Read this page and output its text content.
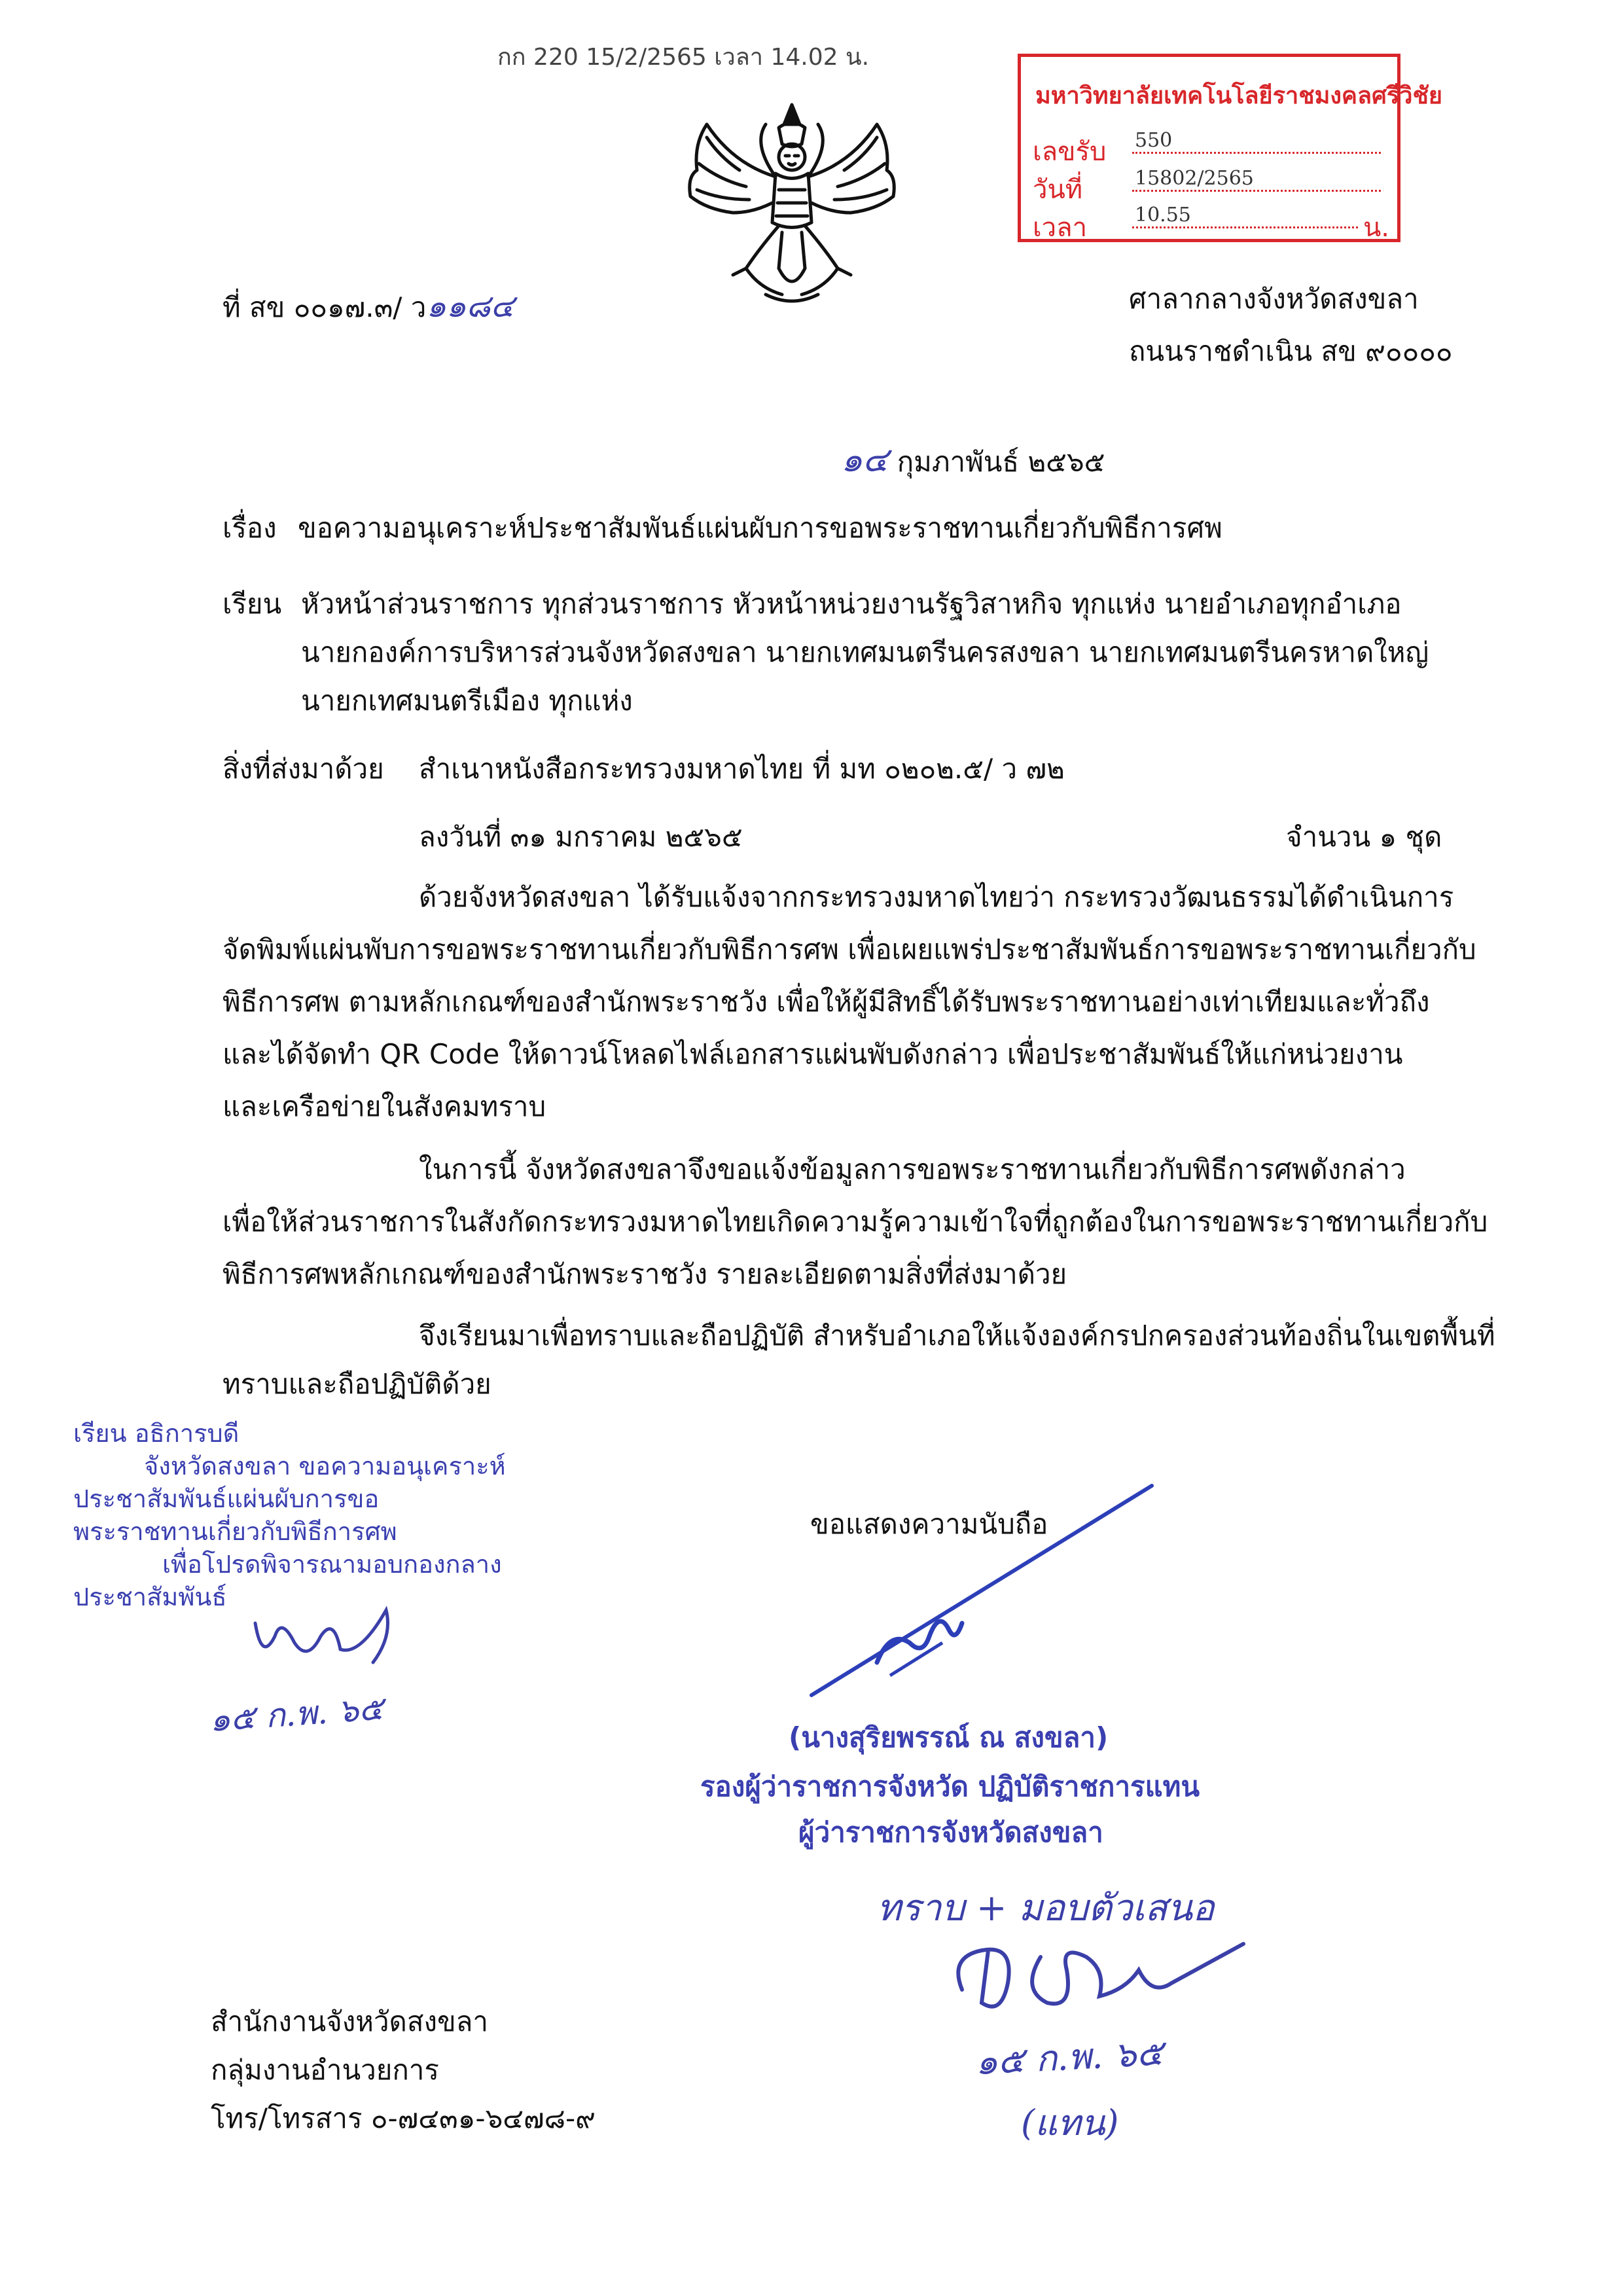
กก 220 15/2/2565 เวลา 14.02 น.
มหาวิทยาลัยเทคโนโลยีราชมงคลศรีวิชัย
เลขรับ 550
วันที่	15802/2565
เวลา 10.55	น.
ที่ สข ๐๐๑๗.๓/ ว๑๑๘๔	ศาลากลางจังหวัดสงขลา
ถนนราชดำเนิน สข ๙๐๐๐๐
๑๔ กุมภาพันธ์ ๒๕๖๕
เรื่อง ขอความอนุเคราะห์ประชาสัมพันธ์แผ่นผับการขอพระราชทานเกี่ยวกับพิธีการศพ
เรียน หัวหน้าส่วนราชการ ทุกส่วนราชการ หัวหน้าหน่วยงานรัฐวิสาหกิจ ทุกแห่ง นายอำเภอทุกอำเภอ
นายกองค์การบริหารส่วนจังหวัดสงขลา นายกเทศมนตรีนครสงขลา นายกเทศมนตรีนครหาดใหญ่
นายกเทศมนตรีเมือง ทุกแห่ง
สิ่งที่ส่งมาด้วย สำเนาหนังสือกระทรวงมหาดไทย ที่ มท ๐๒๐๒.๕/ ว ๗๒
ลงวันที่ ๓๑ มกราคม ๒๕๖๕	จำนวน ๑ ชุด
ด้วยจังหวัดสงขลา ได้รับแจ้งจากกระทรวงมหาดไทยว่า กระทรวงวัฒนธรรมได้ดำเนินการ
จัดพิมพ์แผ่นพับการขอพระราชทานเกี่ยวกับพิธีการศพ เพื่อเผยแพร่ประชาสัมพันธ์การขอพระราชทานเกี่ยวกับ
พิธีการศพ ตามหลักเกณฑ์ของสำนักพระราชวัง เพื่อให้ผู้มีสิทธิ์ได้รับพระราชทานอย่างเท่าเทียมและทั่วถึง
และได้จัดทำ QR Code ให้ดาวน์โหลดไฟล์เอกสารแผ่นพับดังกล่าว เพื่อประชาสัมพันธ์ให้แก่หน่วยงาน
และเครือข่ายในสังคมทราบ
ในการนี้ จังหวัดสงขลาจึงขอแจ้งข้อมูลการขอพระราชทานเกี่ยวกับพิธีการศพดังกล่าว
เพื่อให้ส่วนราชการในสังกัดกระทรวงมหาดไทยเกิดความรู้ความเข้าใจที่ถูกต้องในการขอพระราชทานเกี่ยวกับ
พิธีการศพหลักเกณฑ์ของสำนักพระราชวัง รายละเอียดตามสิ่งที่ส่งมาด้วย
จึงเรียนมาเพื่อทราบและถือปฏิบัติ สำหรับอำเภอให้แจ้งองค์กรปกครองส่วนท้องถิ่นในเขตพื้นที่
ทราบและถือปฏิบัติด้วย
เรียน อธิการบดี
จังหวัดสงขลา ขอความอนุเคราะห์
ประชาสัมพันธ์แผ่นผับการขอ
พระราชทานเกี่ยวกับพิธีการศพ
เพื่อโปรดพิจารณามอบกองกลาง
ประชาสัมพันธ์
๑๕ ก.พ. ๖๕
ขอแสดงความนับถือ
(นางสุริยพรรณ์ ณ สงขลา)
รองผู้ว่าราชการจังหวัด ปฏิบัติราชการแทน
ผู้ว่าราชการจังหวัดสงขลา
ทราบ + มอบตัวเสนอ
๑๕ ก.พ. ๖๕
(แทน)
สำนักงานจังหวัดสงขลา
กลุ่มงานอำนวยการ
โทร/โทรสาร ๐-๗๔๓๑-๖๔๗๘-๙
